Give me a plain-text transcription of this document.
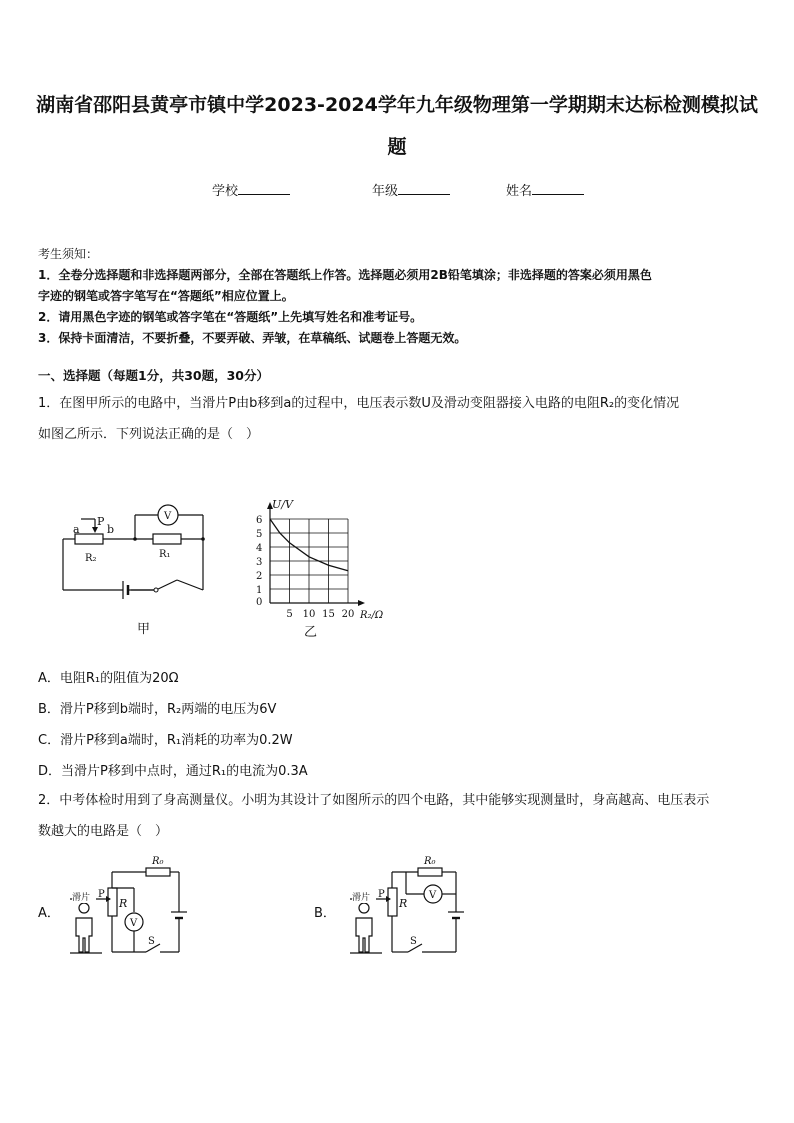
湖南省邵阳县黄亭市镇中学2023-2024学年九年级物理第一学期期末达标检测模拟试
题
学校	年级	姓名
考生须知：
1．全卷分选择题和非选择题两部分，全部在答题纸上作答。选择题必须用2B铅笔填涂；非选择题的答案必须用黑色
字迹的钢笔或答字笔写在“答题纸”相应位置上。
2．请用黑色字迹的钢笔或答字笔在“答题纸”上先填写姓名和准考证号。
3．保持卡面清洁，不要折叠，不要弄破、弄皱，在草稿纸、试题卷上答题无效。
一、选择题（每题1分，共30题，30分）
1．在图甲所示的电路中，当滑片P由b移到a的过程中，电压表示数U及滑动变阻器接入电路的电阻R₂的变化情况
如图乙所示．下列说法正确的是（　）
a
P
b
R₂	R₁
V
甲
0
1
2
3
4
5
6
5 10 15 20
U/V
R₂/Ω
乙
A．电阻R₁的阻值为20Ω
B．滑片P移到b端时，R₂两端的电压为6V
C．滑片P移到a端时，R₁消耗的功率为0.2W
D．当滑片P移到中点时，通过R₁的电流为0.3A
2．中考体检时用到了身高测量仪。小明为其设计了如图所示的四个电路，其中能够实现测量时，身高越高、电压表示
数越大的电路是（　）
A．	B．
滑片 P
R
R₀
V
S
滑片 P
R
R₀
V
S
